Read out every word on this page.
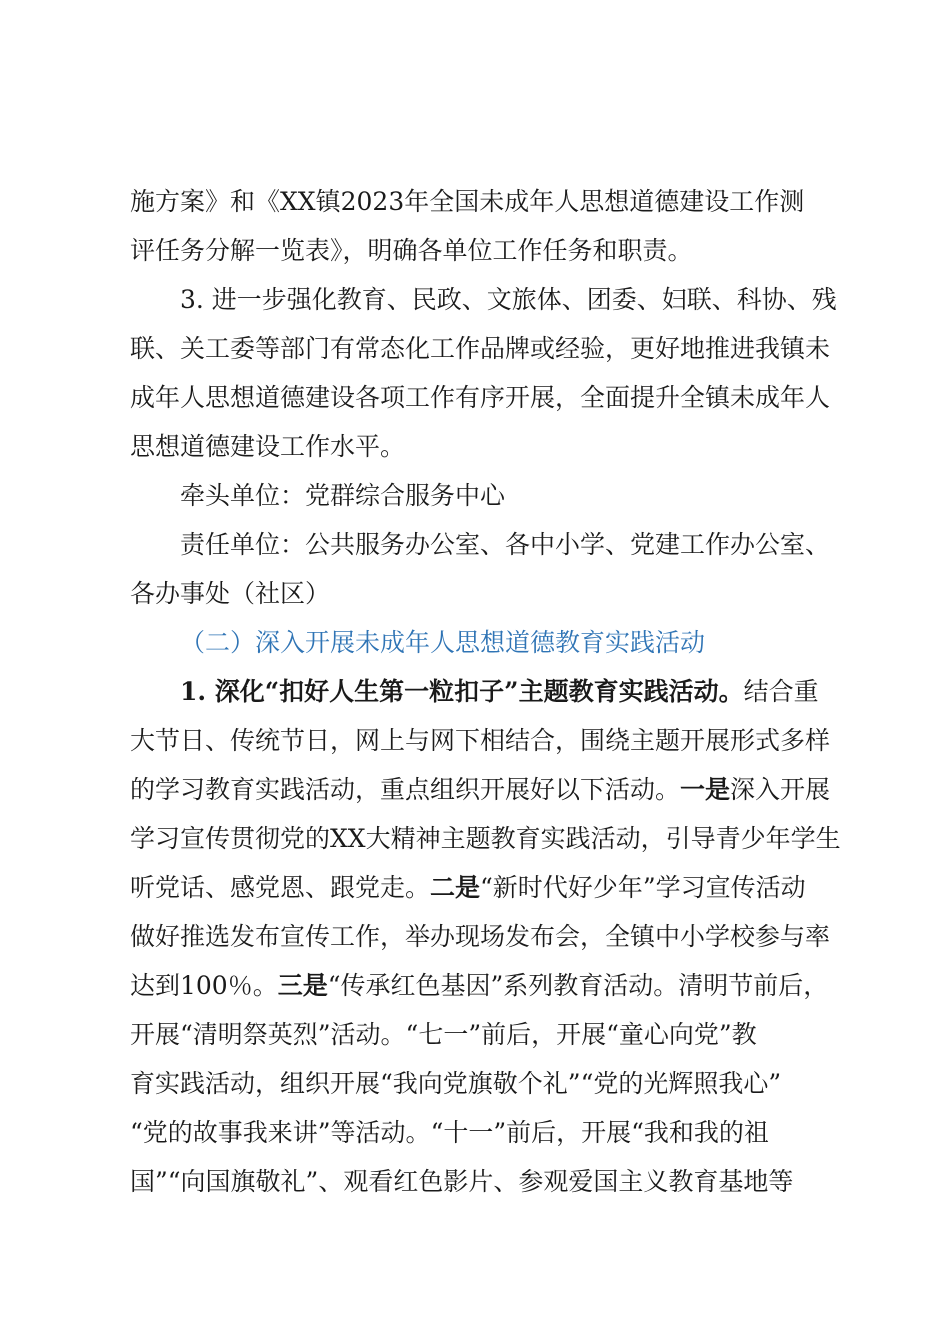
施方案》和《XX镇2023年全国未成年人思想道德建设工作测
评任务分解一览表》，明确各单位工作任务和职责。
3. 进一步强化教育、民政、文旅体、团委、妇联、科协、残
联、关工委等部门有常态化工作品牌或经验，更好地推进我镇未
成年人思想道德建设各项工作有序开展，全面提升全镇未成年人
思想道德建设工作水平。
牵头单位：党群综合服务中心
责任单位：公共服务办公室、各中小学、党建工作办公室、
各办事处（社区）
（二）深入开展未成年人思想道德教育实践活动
1. 深化“扣好人生第一粒扣子”主题教育实践活动。结合重
大节日、传统节日，网上与网下相结合，围绕主题开展形式多样
的学习教育实践活动，重点组织开展好以下活动。一是深入开展
学习宣传贯彻党的XX大精神主题教育实践活动，引导青少年学生
听党话、感党恩、跟党走。二是“新时代好少年”学习宣传活动
做好推选发布宣传工作，举办现场发布会，全镇中小学校参与率
达到100％。三是“传承红色基因”系列教育活动。清明节前后，
开展“清明祭英烈”活动。“七一”前后，开展“童心向党”教
育实践活动，组织开展“我向党旗敬个礼”“党的光辉照我心”
“党的故事我来讲”等活动。“十一”前后，开展“我和我的祖
国”“向国旗敬礼”、观看红色影片、参观爱国主义教育基地等
